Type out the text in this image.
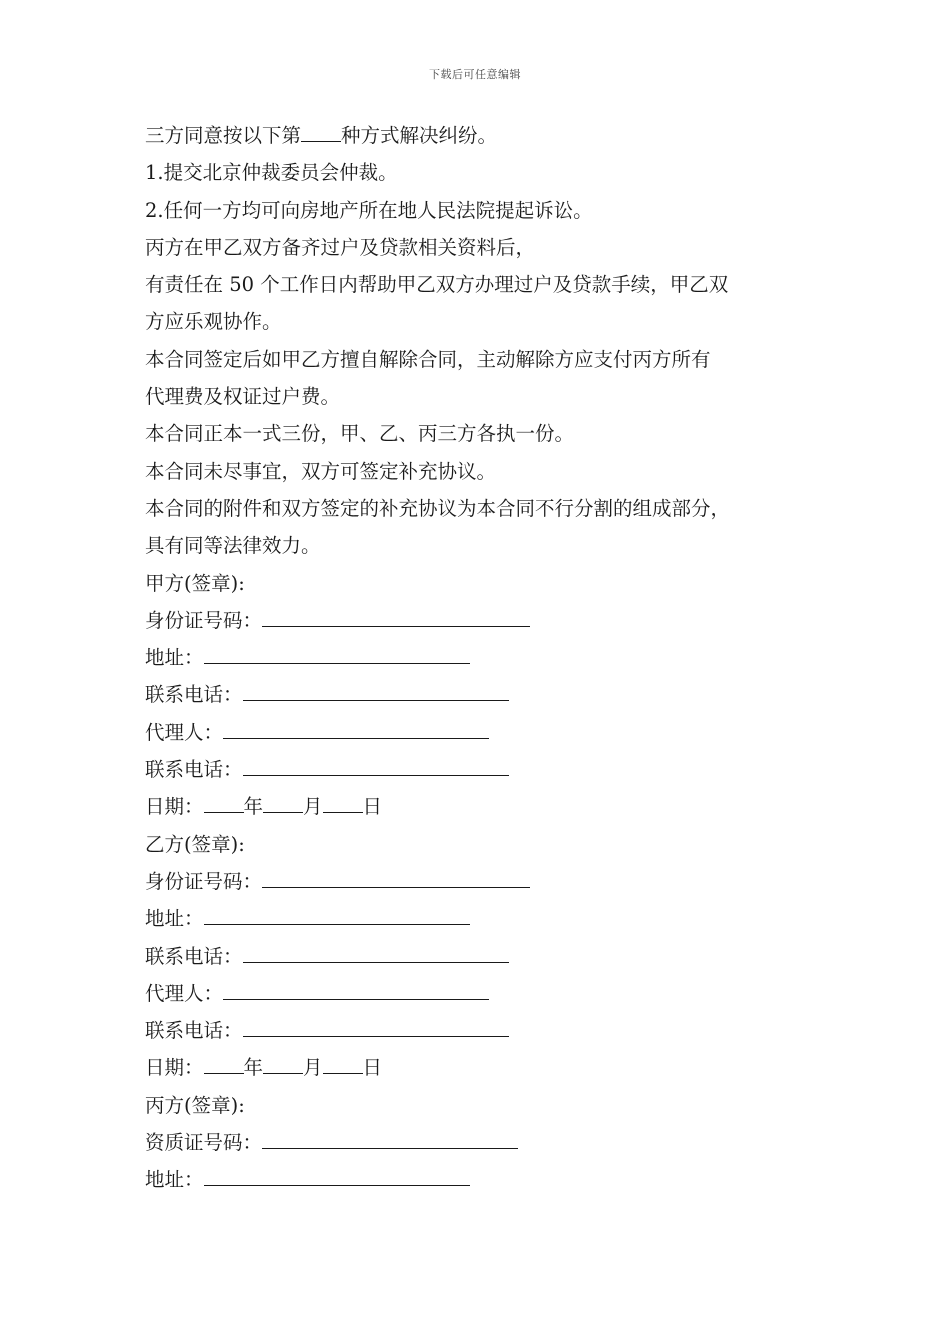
下载后可任意编辑

三方同意按以下第 种方式解决纠纷。

1.提交北京仲裁委员会仲裁。

2.任何一方均可向房地产所在地人民法院提起诉讼。

丙方在甲乙双方备齐过户及贷款相关资料后，

有责任在 50 个工作日内帮助甲乙双方办理过户及贷款手续，甲乙双

方应乐观协作。

本合同签定后如甲乙方擅自解除合同，主动解除方应支付丙方所有

代理费及权证过户费。

本合同正本一式三份，甲、乙、丙三方各执一份。

本合同未尽事宜，双方可签定补充协议。

本合同的附件和双方签定的补充协议为本合同不行分割的组成部分，

具有同等法律效力。

甲方(签章):

身份证号码：

地址：

联系电话：

代理人：

联系电话：

日期： 年 月 日

乙方(签章):

身份证号码：

地址：

联系电话：

代理人：

联系电话：

日期： 年 月 日

丙方(签章):

资质证号码：

地址：
